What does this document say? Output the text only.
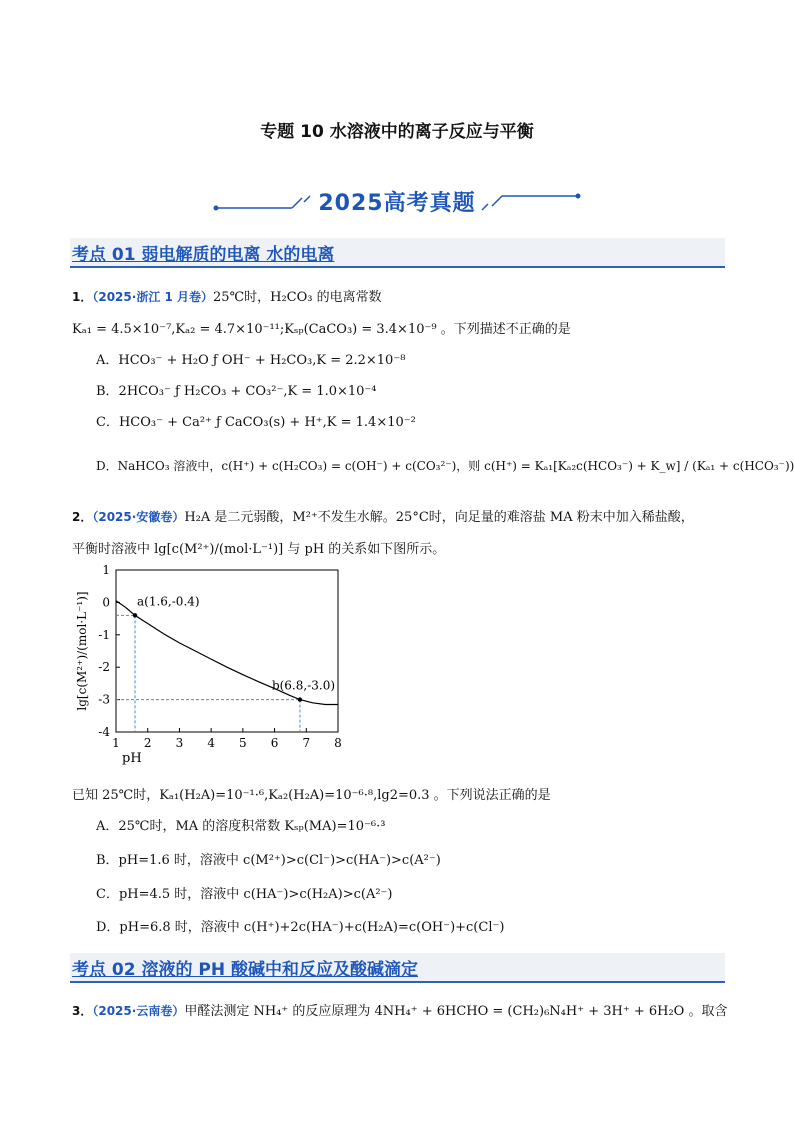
专题 10 水溶液中的离子反应与平衡
2025高考真题
考点 01 弱电解质的电离 水的电离
1．（2025·浙江 1 月卷）25℃时，H₂CO₃ 的电离常数
Kₐ₁ = 4.5×10⁻⁷,Kₐ₂ = 4.7×10⁻¹¹;Kₛₚ(CaCO₃) = 3.4×10⁻⁹ 。下列描述不正确的是
A．HCO₃⁻ + H₂O ƒ OH⁻ + H₂CO₃,K = 2.2×10⁻⁸
B．2HCO₃⁻ ƒ H₂CO₃ + CO₃²⁻,K = 1.0×10⁻⁴
C．HCO₃⁻ + Ca²⁺ ƒ CaCO₃(s) + H⁺,K = 1.4×10⁻²
D．NaHCO₃ 溶液中，c(H⁺) + c(H₂CO₃) = c(OH⁻) + c(CO₃²⁻)，则 c(H⁺) = Kₐ₁[Kₐ₂c(HCO₃⁻) + K_w] / (Kₐ₁ + c(HCO₃⁻))
2．（2025·安徽卷）H₂A 是二元弱酸，M²⁺不发生水解。25°C时，向足量的难溶盐 MA 粉末中加入稀盐酸，
平衡时溶液中 lg[c(M²⁺)/(mol·L⁻¹)] 与 pH 的关系如下图所示。
1 2 3 4 5 6 7 8
1
0
-1
-2
-3
-4
pH
lg[c(M²⁺)/(mol·L⁻¹)]	a(1.6,-0.4)
b(6.8,-3.0)
已知 25℃时，Kₐ₁(H₂A)=10⁻¹·⁶,Kₐ₂(H₂A)=10⁻⁶·⁸,lg2=0.3 。下列说法正确的是
A．25℃时，MA 的溶度积常数 Kₛₚ(MA)=10⁻⁶·³
B．pH=1.6 时，溶液中 c(M²⁺)>c(Cl⁻)>c(HA⁻)>c(A²⁻)
C．pH=4.5 时，溶液中 c(HA⁻)>c(H₂A)>c(A²⁻)
D．pH=6.8 时，溶液中 c(H⁺)+2c(HA⁻)+c(H₂A)=c(OH⁻)+c(Cl⁻)
考点 02 溶液的 PH 酸碱中和反应及酸碱滴定
3．（2025·云南卷）甲醛法测定 NH₄⁺ 的反应原理为 4NH₄⁺ + 6HCHO = (CH₂)₆N₄H⁺ + 3H⁺ + 6H₂O 。取含
